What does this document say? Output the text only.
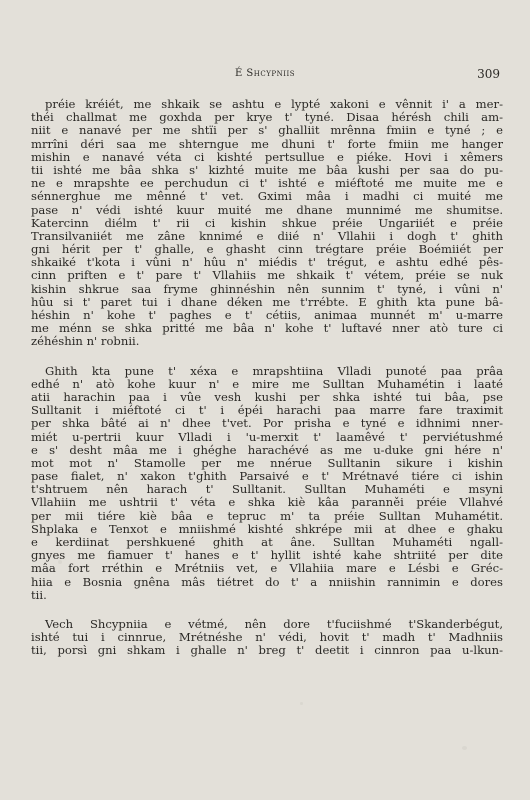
É Shcypniis	309
préie kréiét, me shkaik se ashtu e lypté xakoni e vênnit i' a mer-
théi challmat me goxhda per krye t' tyné. Disaa hérésh chili am-
niit e nanavé per me shtïi per s' ghalliit mrênna fmiin e tyné ; e
mrrîni déri saa me shterngue me dhuni t' forte fmiin me hanger
mishin e nanavé véta ci kishté pertsullue e piéke. Hovi i xêmers
tii ishté me bâa shka s' kizhté muite me bâa kushi per saa do pu-
ne e mrapshte ee perchudun ci t' ishté e miéftoté me muite me e
sénnerghue me mênné t' vet. Gximi mâa i madhi ci muité me
pase n' védi ishté kuur muité me dhane munnimé me shumitse.
Katercinn diélm t' rii ci kishin shkue préie Ungariiét e préie
Transilvaniiét me zâne knnimé e diié n' Vllahii i dogh t' ghith
gni hérit per t' ghalle, e ghasht cinn trégtare préie Boémiiét per
shkaiké t'kota i vûni n' hûu n' miédis t' trégut, e ashtu edhé pês-
cinn priften e t' pare t' Vllahiis me shkaik t' vétem, préie se nuk
kishin shkrue saa fryme ghinnéshin nên sunnim t' tyné, i vûni n'
hûu si t' paret tui i dhane déken me t'rrébte. E ghith kta pune bâ-
héshin n' kohe t' paghes e t' cétiis, animaa munnét m' u-marre
me ménn se shka pritté me bâa n' kohe t' luftavé nner atò ture ci
zéhéshin n' robnii.
Ghith kta pune t' xéxa e mrapshtiina Vlladi punoté paa prâa
edhé n' atò kohe kuur n' e mire me Sulltan Muhamétin i laaté
atii harachin paa i vûe vesh kushi per shka ishté tui bâa, pse
Sulltanit i miéftoté ci t' i épéi harachi paa marre fare traximit
per shka bâté ai n' dhee t'vet. Por prisha e tyné e idhnimi nner-
miét u-pertrii kuur Vlladi i 'u-merxit t' laamêvé t' perviétushmé
e s' desht mâa me i ghéghe harachévé as me u-duke gni hére n'
mot mot n' Stamolle per me nnérue Sulltanin sikure i kishin
pase fialet, n' xakon t'ghith Parsaivé e t' Mrétnavé tiére ci ishin
t'shtruem nên harach t' Sulltanit. Sulltan Muhaméti e msyni
Vllahiin me ushtrii t' véta e shka kiè kâa paranněi préie Vllahvé
per mii tiére kiè bâa e tepruc m' ta préie Sulltan Muhamétit.
Shplaka e Tenxot e mniishmé kishté shkrépe mii at dhee e ghaku
e kerdiinat pershkuené ghith at âne. Sulltan Muhaméti ngall-
gnyes me fiamuer t' hanes e t' hyllit ishté kahe shtriité per dite
mâa fort rréthin e Mrétniis vet, e Vllahiia mare e Lésbi e Gréc-
hiia e Bosnia gnêna mâs tiétret do t' a nniishin rannimin e dores
tii.
Vech Shcypniia e vétmé, nên dore t'fuciishmé t'Skanderbégut,
ishté tui i cinnrue, Mrétnéshe n' védi, hovit t' madh t' Madhniis
tii, porsì gni shkam i ghalle n' breg t' deetit i cinnron paa u-lkun-
